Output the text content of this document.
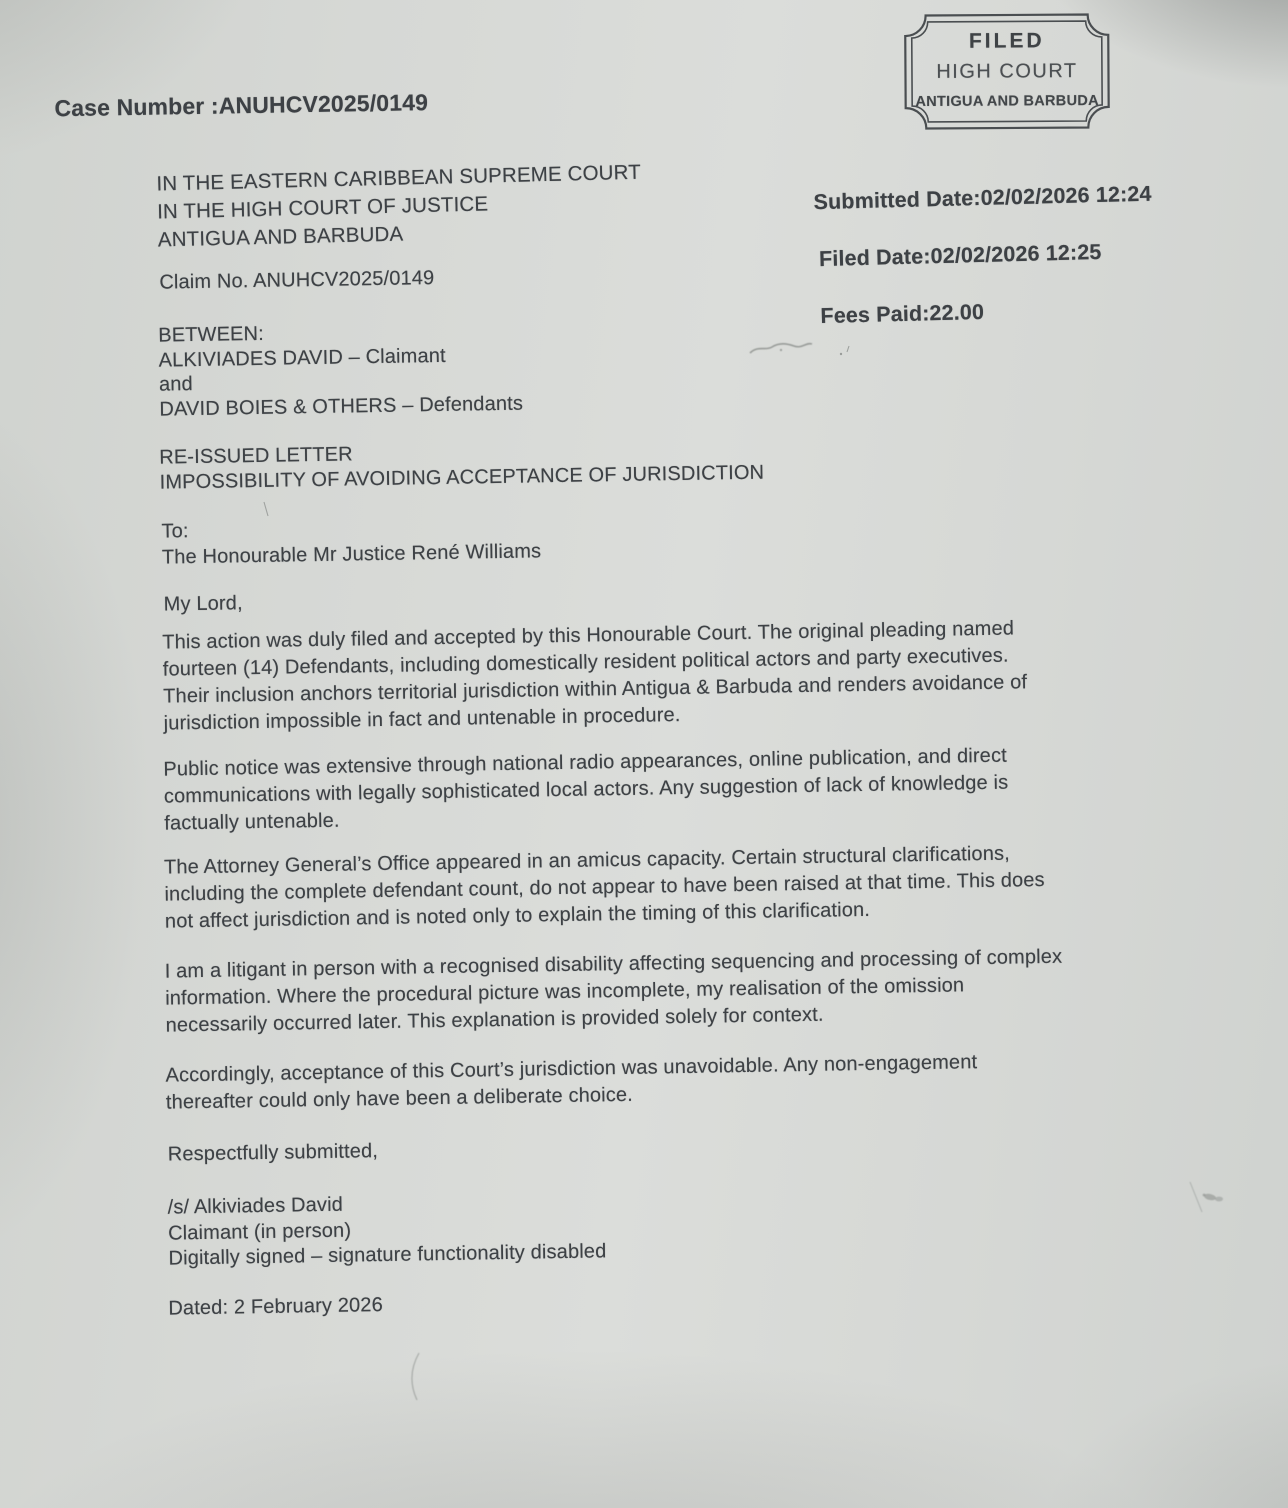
Case Number :ANUHCV2025/0149
FILED
HIGH COURT
ANTIGUA AND BARBUDA
IN THE EASTERN CARIBBEAN SUPREME COURT
IN THE HIGH COURT OF JUSTICE
ANTIGUA AND BARBUDA
Submitted Date:02/02/2026 12:24
Filed Date:02/02/2026 12:25
Fees Paid:22.00
Claim No. ANUHCV2025/0149
BETWEEN:
ALKIVIADES DAVID – Claimant
and
DAVID BOIES & OTHERS – Defendants
RE-ISSUED LETTER
IMPOSSIBILITY OF AVOIDING ACCEPTANCE OF JURISDICTION
To:
The Honourable Mr Justice René Williams
My Lord,
This action was duly filed and accepted by this Honourable Court. The original pleading named
fourteen (14) Defendants, including domestically resident political actors and party executives.
Their inclusion anchors territorial jurisdiction within Antigua & Barbuda and renders avoidance of
jurisdiction impossible in fact and untenable in procedure.
Public notice was extensive through national radio appearances, online publication, and direct
communications with legally sophisticated local actors. Any suggestion of lack of knowledge is
factually untenable.
The Attorney General’s Office appeared in an amicus capacity. Certain structural clarifications,
including the complete defendant count, do not appear to have been raised at that time. This does
not affect jurisdiction and is noted only to explain the timing of this clarification.
I am a litigant in person with a recognised disability affecting sequencing and processing of complex
information. Where the procedural picture was incomplete, my realisation of the omission
necessarily occurred later. This explanation is provided solely for context.
Accordingly, acceptance of this Court’s jurisdiction was unavoidable. Any non-engagement
thereafter could only have been a deliberate choice.
Respectfully submitted,
/s/ Alkiviades David
Claimant (in person)
Digitally signed – signature functionality disabled
Dated: 2 February 2026
